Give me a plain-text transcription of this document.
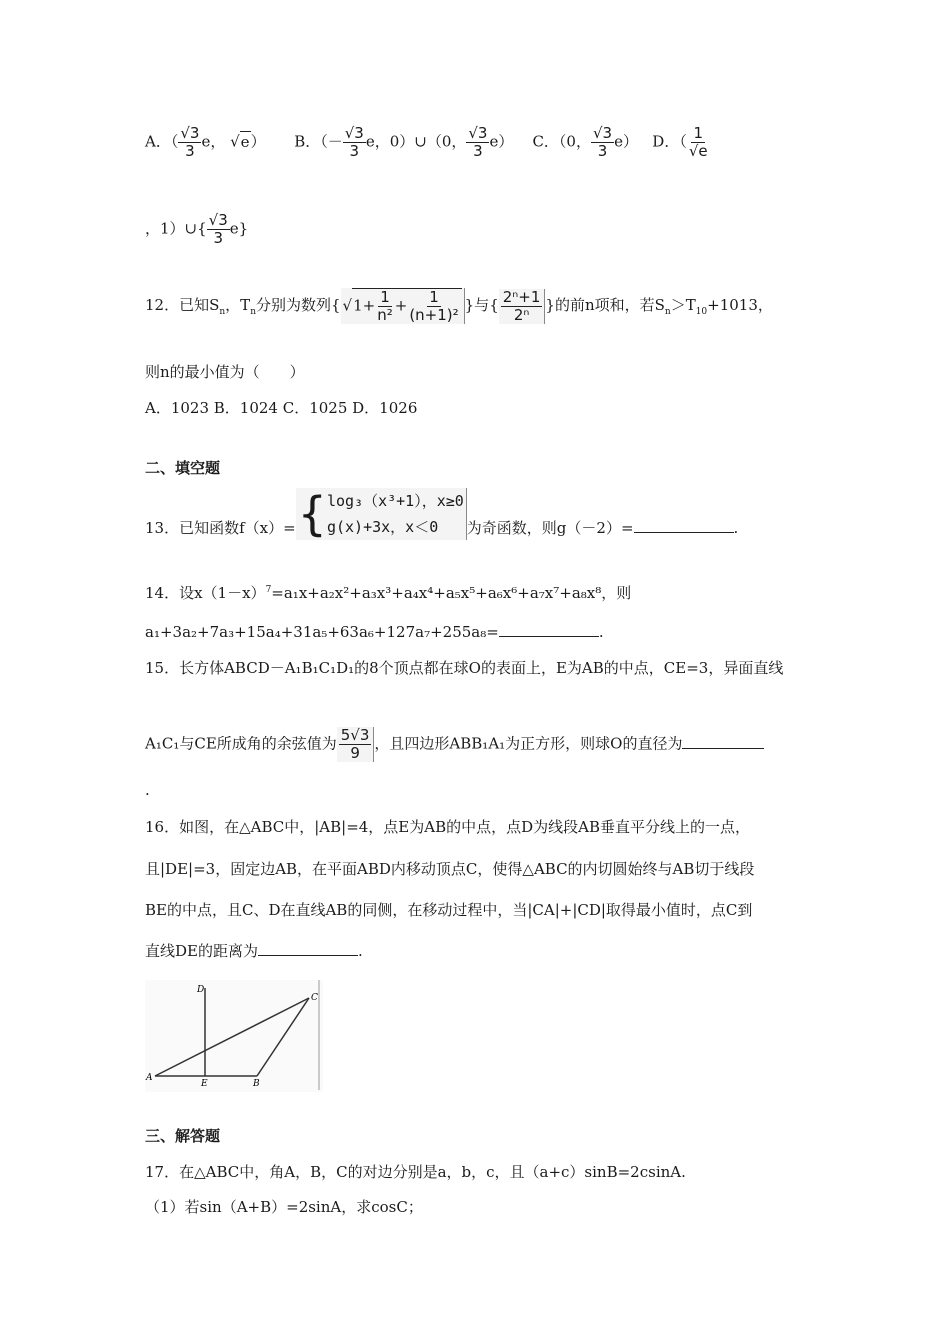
A．（ $\frac{√3}{3}$ e， √e） B．（－ $\frac{√3}{3}$ e，0）∪（0， $\frac{√3}{3} e$） C．（0， $\frac{√3}{3} e$） D．（ $\frac{1}{√e}$
，1）∪{ $\frac{√3}{3} e$}
12．已知$S_n$，$T_n$分别为数列{ $√1+ \frac{1}{\text{n²}} + \frac{1}{\text{(n+1)²}}$ }与{ $\frac{\text{2ⁿ+1}}{\text{2ⁿ}}$ }的前n项和，若$S_n>T_{10}+1013$，
则n的最小值为（　　）
A．1023 B．1024 C．1025 D．1026
二、填空题
13．已知函数f（x）= { log₃（x³+1），x≥0
g(x)+3x，x＜0	为奇函数，则g（－2）=	.
14．设$x(1-x)^7=a_1x+a_2x^2+a_3x^3+a_4x^4+a_5x^5+a_6x^6+a_7x^7+a_8x^8$，则
a₁+3a₂+7a₃+15a₄+31a₅+63a₆+127a₇+255a₈=	.
15．长方体ABCD－A₁B₁C₁D₁的8个顶点都在球O的表面上，E为AB的中点，CE=3，异面直线
A₁C₁与CE所成角的余弦值为 $\frac{5√3}{9}$ ，且四边形ABB₁A₁为正方形，则球O的直径为
.
16．如图，在△ABC中，|AB|=4，点E为AB的中点，点D为线段AB垂直平分线上的一点，
且|DE|=3，固定边AB，在平面ABD内移动顶点C，使得△ABC的内切圆始终与AB切于线段
BE的中点，且C、D在直线AB的同侧，在移动过程中，当|CA|+|CD|取得最小值时，点C到
直线DE的距离为	.
D
C
A
E	B
三、解答题
17．在△ABC中，角A，B，C的对边分别是a，b，c，且（a+c）sinB=2csinA.
（1）若sin（A+B）=2sinA，求cosC；
